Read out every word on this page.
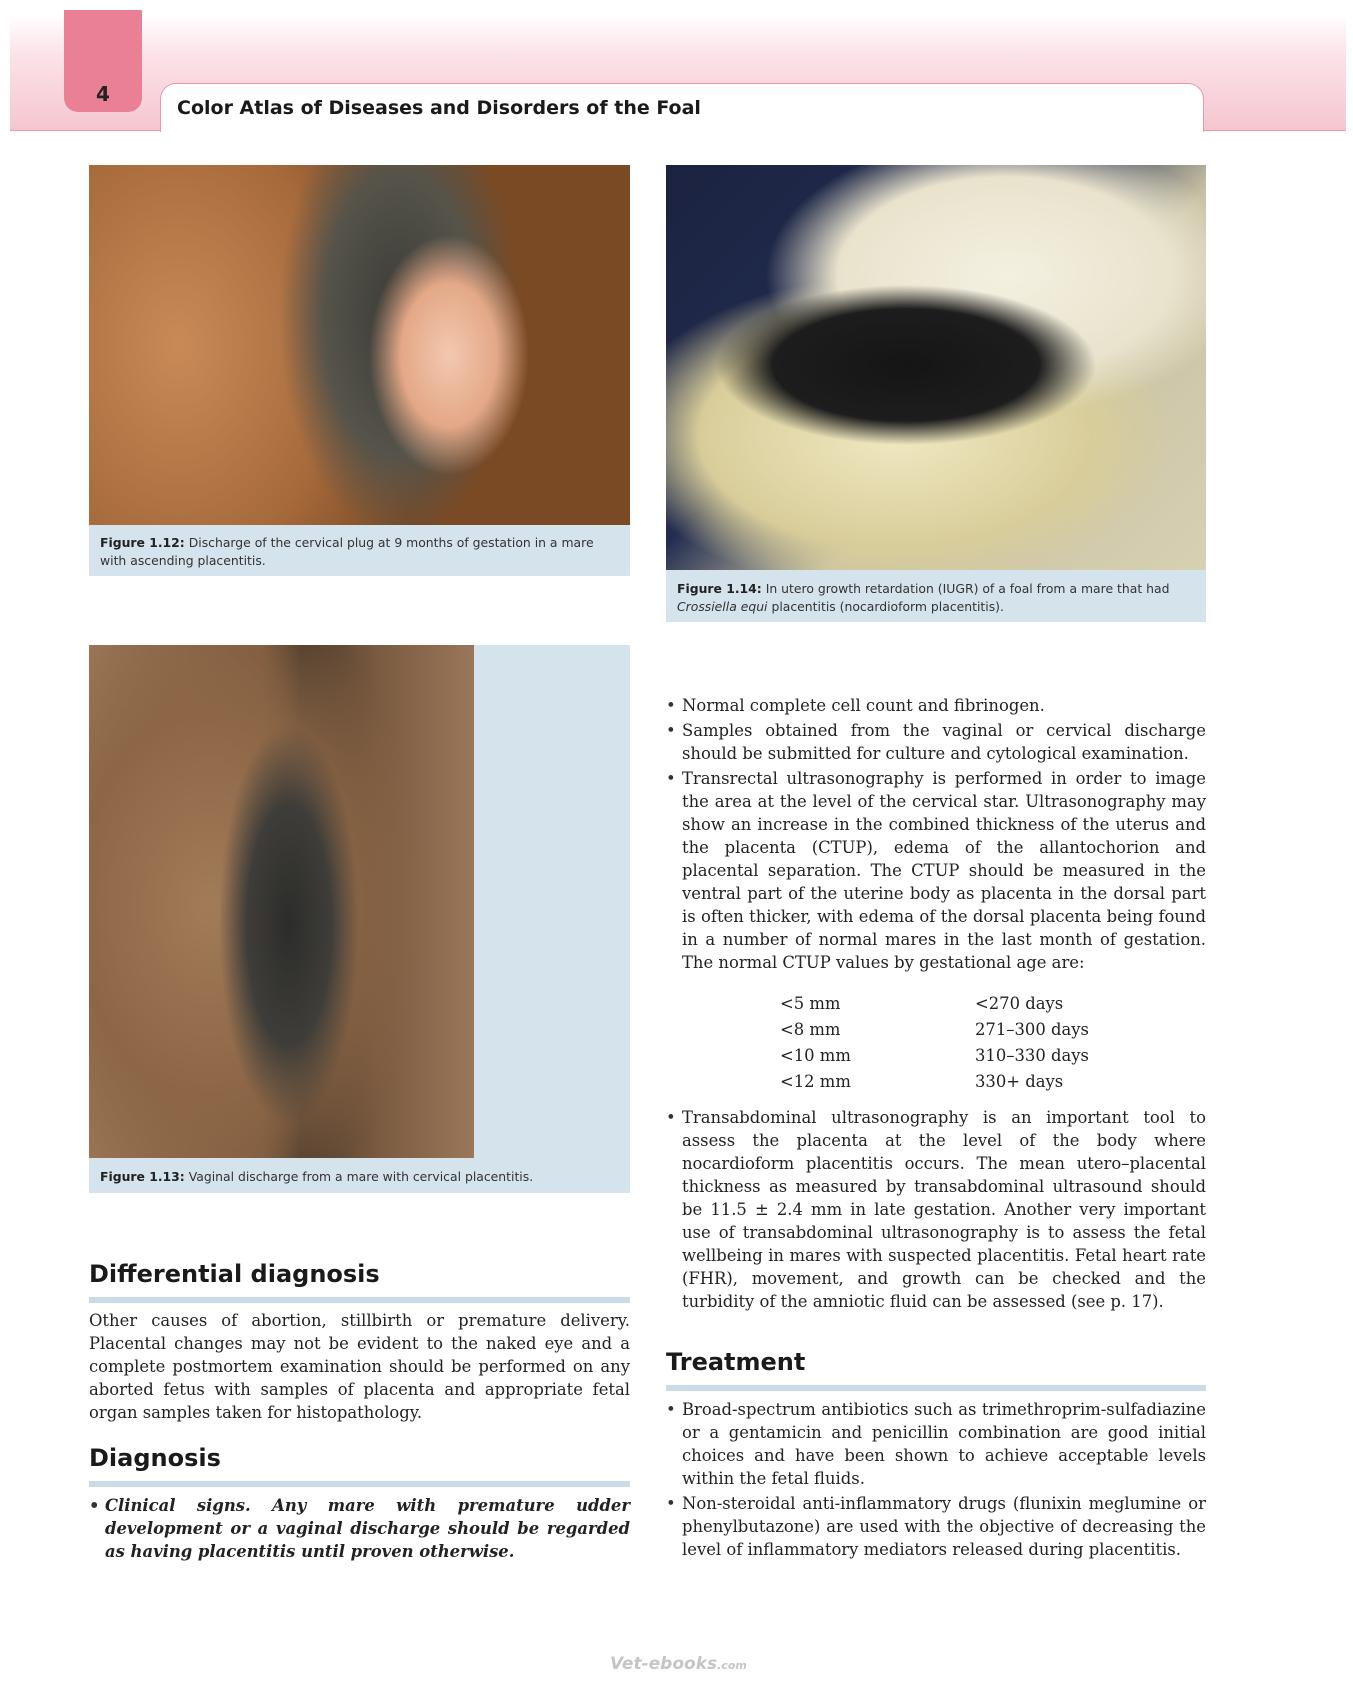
4
Color Atlas of Diseases and Disorders of the Foal
Figure 1.12: Discharge of the cervical plug at 9 months of gestation in a mare with ascending placentitis.
Figure 1.14: In utero growth retardation (IUGR) of a foal from a mare that had Crossiella equi placentitis (nocardioform placentitis).
Figure 1.13: Vaginal discharge from a mare with cervical placentitis.
Differential diagnosis
Other causes of abortion, stillbirth or premature delivery. Placental changes may not be evident to the naked eye and a complete postmortem examination should be performed on any aborted fetus with samples of placenta and appropriate fetal organ samples taken for histopathology.
Diagnosis
• Clinical signs. Any mare with premature udder development or a vaginal discharge should be regarded as having placentitis until proven otherwise.
• Normal complete cell count and fibrinogen.
• Samples obtained from the vaginal or cervical discharge should be submitted for culture and cytological examination.
• Transrectal ultrasonography is performed in order to image the area at the level of the cervical star. Ultrasonography may show an increase in the combined thickness of the uterus and the placenta (CTUP), edema of the allantochorion and placental separation. The CTUP should be measured in the ventral part of the uterine body as placenta in the dorsal part is often thicker, with edema of the dorsal placenta being found in a number of normal mares in the last month of gestation. The normal CTUP values by gestational age are:
<5 mm	<270 days
<8 mm	271–300 days
<10 mm	310–330 days
<12 mm	330+ days
• Transabdominal ultrasonography is an important tool to assess the placenta at the level of the body where nocardioform placentitis occurs. The mean utero–placental thickness as measured by transabdominal ultrasound should be 11.5 ± 2.4 mm in late gestation. Another very important use of transabdominal ultrasonography is to assess the fetal wellbeing in mares with suspected placentitis. Fetal heart rate (FHR), movement, and growth can be checked and the turbidity of the amniotic fluid can be assessed (see p. 17).
Treatment
• Broad-spectrum antibiotics such as trimethroprim-sulfadiazine or a gentamicin and penicillin combination are good initial choices and have been shown to achieve acceptable levels within the fetal fluids.
• Non-steroidal anti-inflammatory drugs (flunixin meglumine or phenylbutazone) are used with the objective of decreasing the level of inflammatory mediators released during placentitis.
Vet-ebooks.com
